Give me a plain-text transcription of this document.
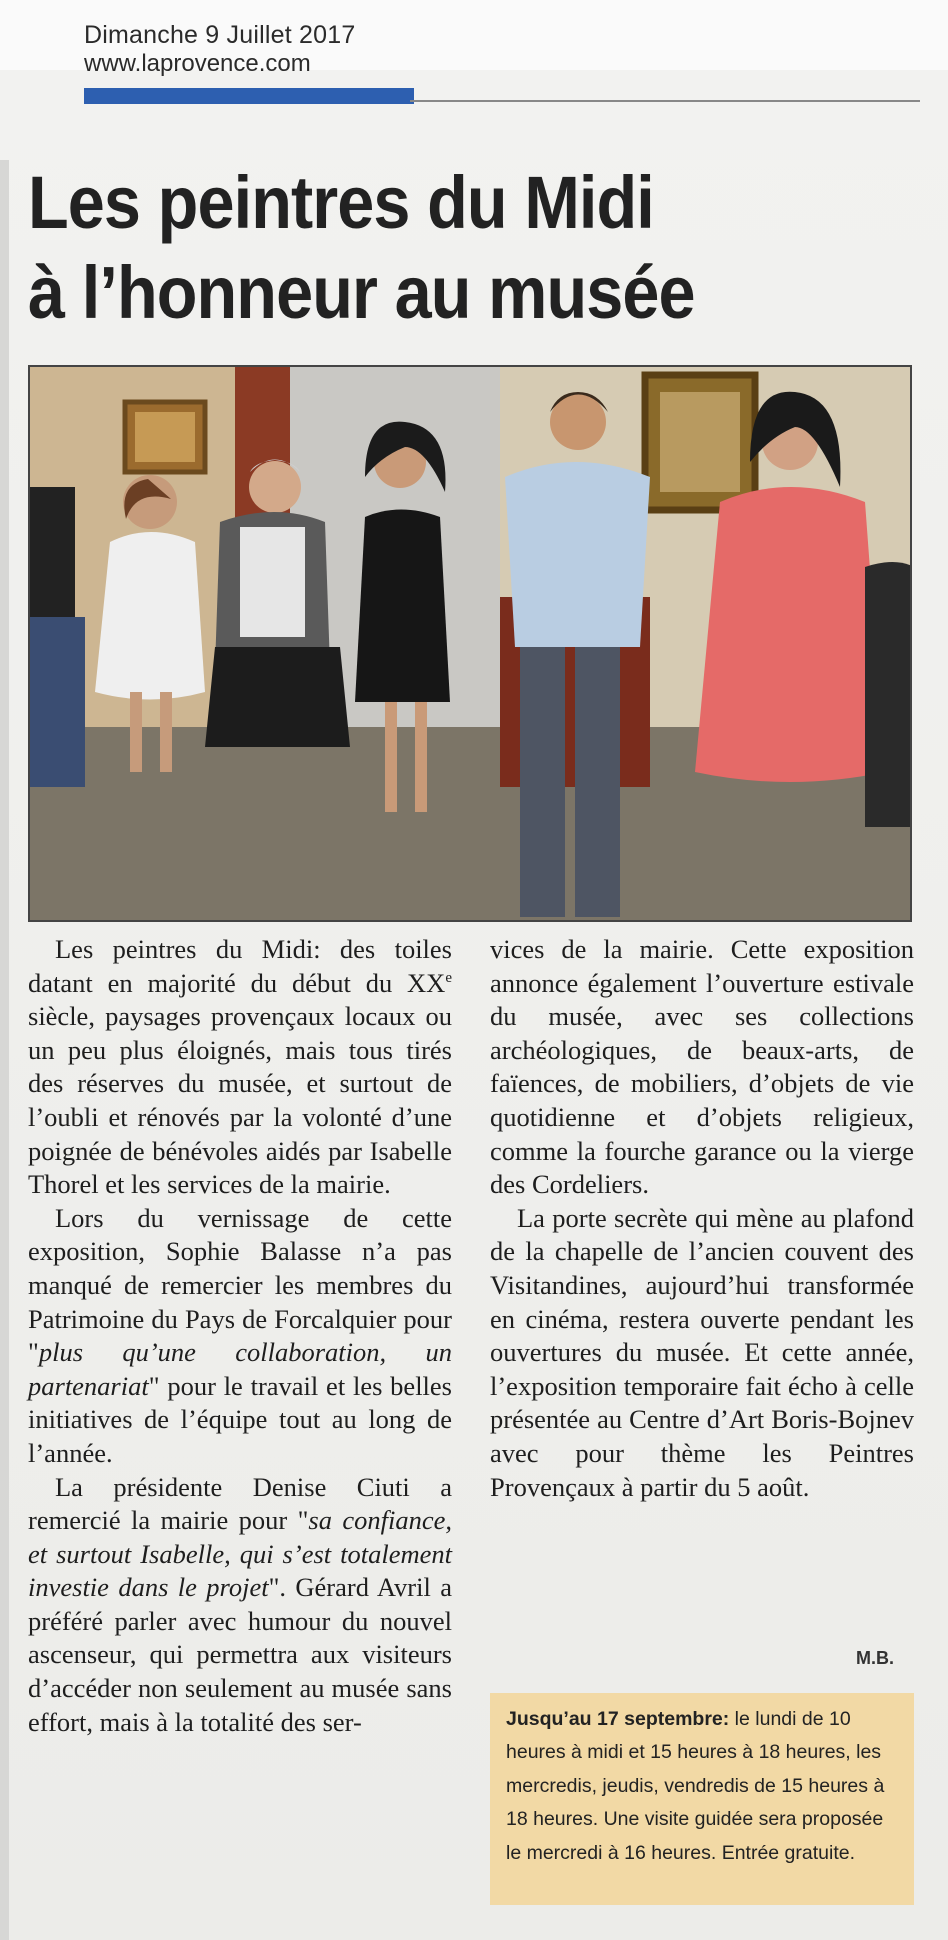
Dimanche 9 Juillet 2017
www.laprovence.com
Les peintres du Midi
à l’honneur au musée

Les peintres du Midi: des toiles datant en majorité du début du XXe siècle, paysages provençaux locaux ou un peu plus éloignés, mais tous tirés des réserves du musée, et surtout de l’oubli et rénovés par la volonté d’une poignée de bénévoles aidés par Isabelle Thorel et les services de la mairie.

Lors du vernissage de cette exposition, Sophie Balasse n’a pas manqué de remercier les membres du Patrimoine du Pays de Forcalquier pour "plus qu’une collaboration, un partenariat" pour le travail et les belles initiatives de l’équipe tout au long de l’année.

La présidente Denise Ciuti a remercié la mairie pour "sa confiance, et surtout Isabelle, qui s’est totalement investie dans le projet". Gérard Avril a préféré parler avec humour du nouvel ascenseur, qui permettra aux visiteurs d’accéder non seulement au musée sans effort, mais à la totalité des ser-

vices de la mairie. Cette exposition annonce également l’ouverture estivale du musée, avec ses collections archéologiques, de beaux-arts, de faïences, de mobiliers, d’objets de vie quotidienne et d’objets religieux, comme la fourche garance ou la vierge des Cordeliers.

La porte secrète qui mène au plafond de la chapelle de l’ancien couvent des Visitandines, aujourd’hui transformée en cinéma, restera ouverte pendant les ouvertures du musée. Et cette année, l’exposition temporaire fait écho à celle présentée au Centre d’Art Boris-Bojnev avec pour thème les Peintres Provençaux à partir du 5 août.

M.B.
Jusqu’au 17 septembre: le lundi de 10 heures à midi et 15 heures à 18 heures, les mercredis, jeudis, vendredis de 15 heures à 18 heures. Une visite guidée sera proposée le mercredi à 16 heures. Entrée gratuite.
